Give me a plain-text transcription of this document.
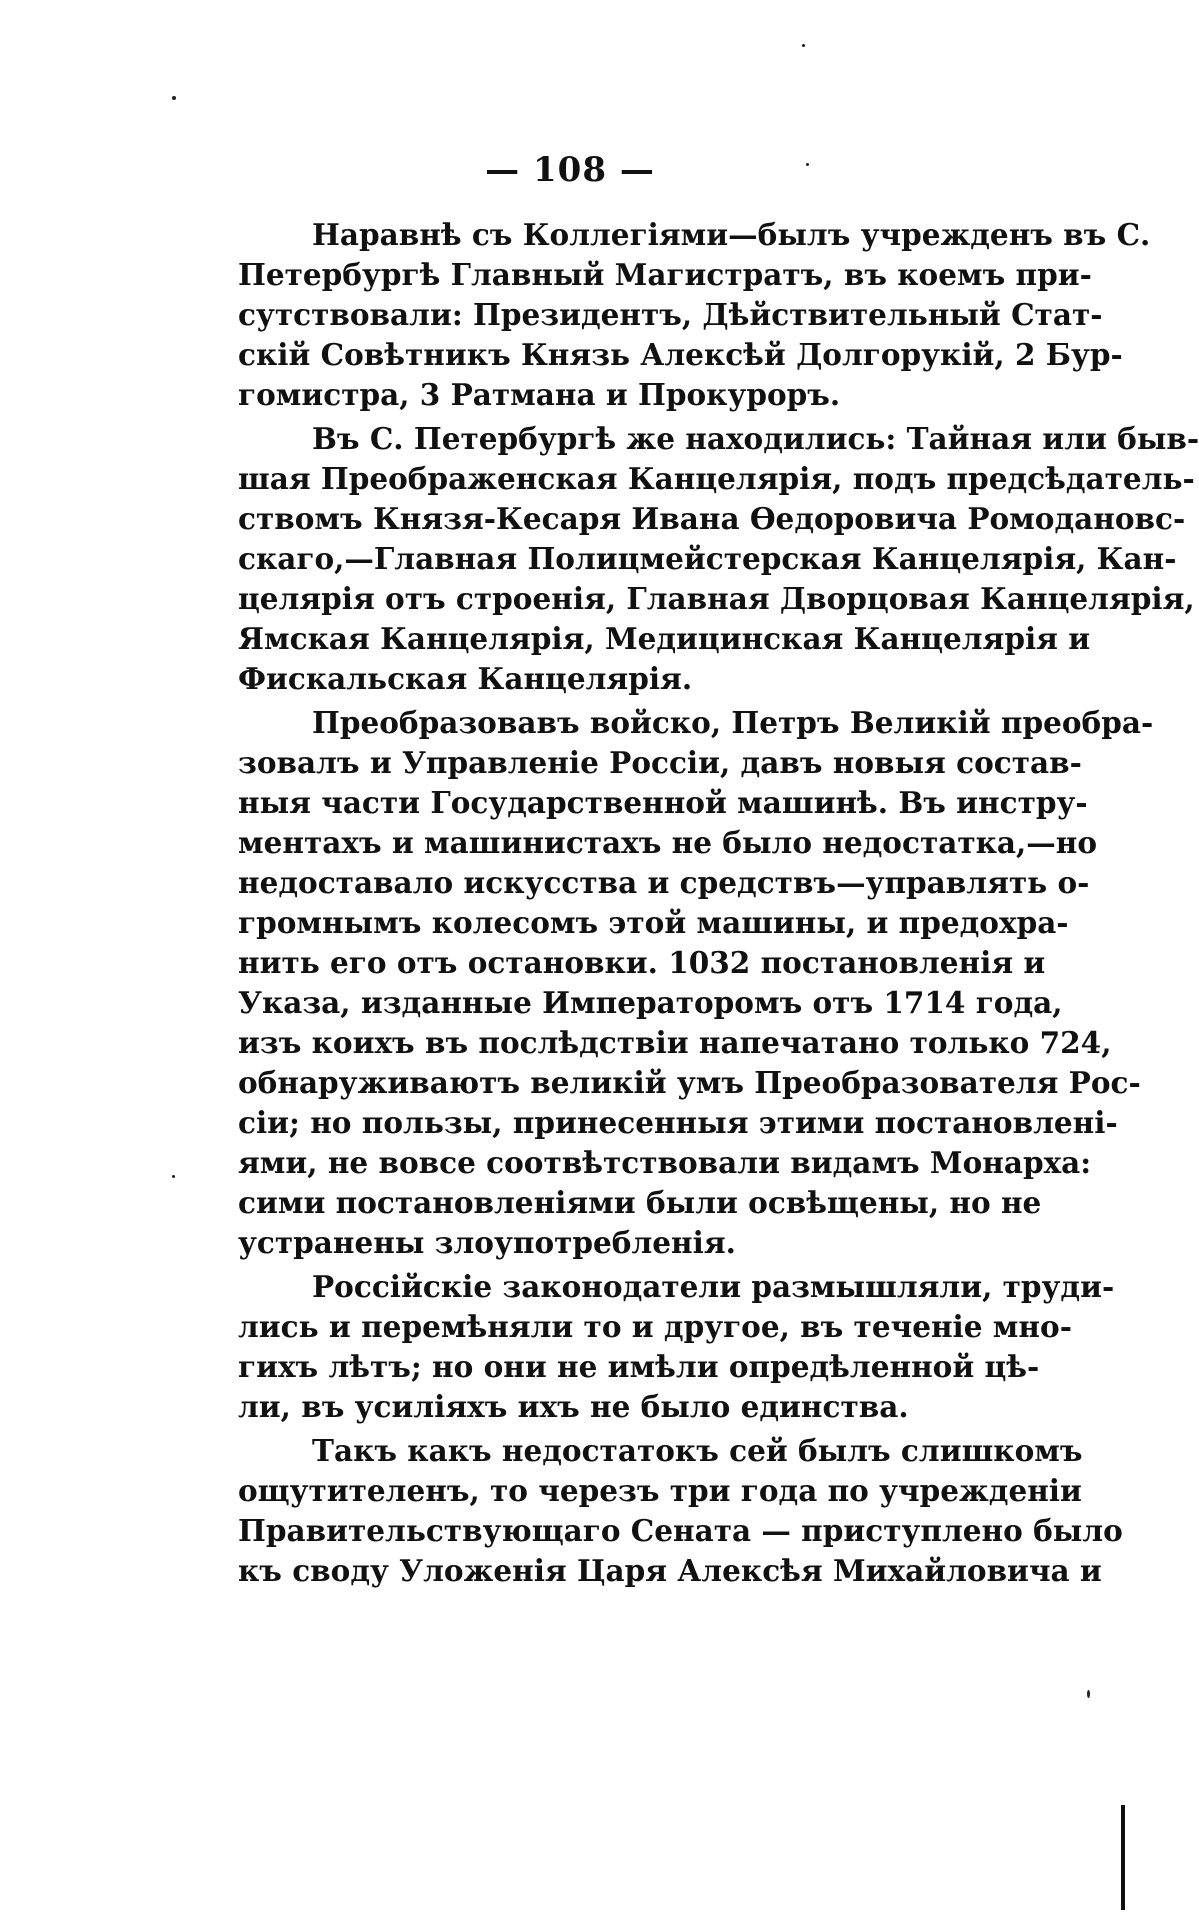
— 108 —
Наравнѣ съ Коллегіями—былъ учрежденъ въ С.
Петербургѣ Главный Магистратъ, въ коемъ при-
сутствовали: Президентъ, Дѣйствительный Стат-
скій Совѣтникъ Князь Алексѣй Долгорукій, 2 Бур-
гомистра, 3 Ратмана и Прокуроръ.
Въ С. Петербургѣ же находились: Тайная или быв-
шая Преображенская Канцелярія, подъ предсѣдатель-
ствомъ Князя-Кесаря Ивана Ѳедоровича Ромодановс-
скаго,—Главная Полицмейстерская Канцелярія, Кан-
целярія отъ строенія, Главная Дворцовая Канцелярія,
Ямская Канцелярія, Медицинская Канцелярія и
Фискальская Канцелярія.
Преобразовавъ войско, Петръ Великій преобра-
зовалъ и Управленіе Россіи, давъ новыя состав-
ныя части Государственной машинѣ. Въ инстру-
ментахъ и машинистахъ не было недостатка,—но
недоставало искусства и средствъ—управлять о-
громнымъ колесомъ этой машины, и предохра-
нить его отъ остановки. 1032 постановленія и
Указа, изданные Императоромъ отъ 1714 года,
изъ коихъ въ послѣдствіи напечатано только 724,
обнаруживаютъ великій умъ Преобразователя Рос-
сіи; но пользы, принесенныя этими постановлені-
ями, не вовсе соотвѣтствовали видамъ Монарха:
сими постановленіями были освѣщены, но не
устранены злоупотребленія.
Россійскіе законодатели размышляли, труди-
лись и перемѣняли то и другое, въ теченіе мно-
гихъ лѣтъ; но они не имѣли опредѣленной цѣ-
ли, въ усиліяхъ ихъ не было единства.
Такъ какъ недостатокъ сей былъ слишкомъ
ощутителенъ, то черезъ три года по учрежденіи
Правительствующаго Сената — приступлено было
къ своду Уложенія Царя Алексѣя Михайловича и
